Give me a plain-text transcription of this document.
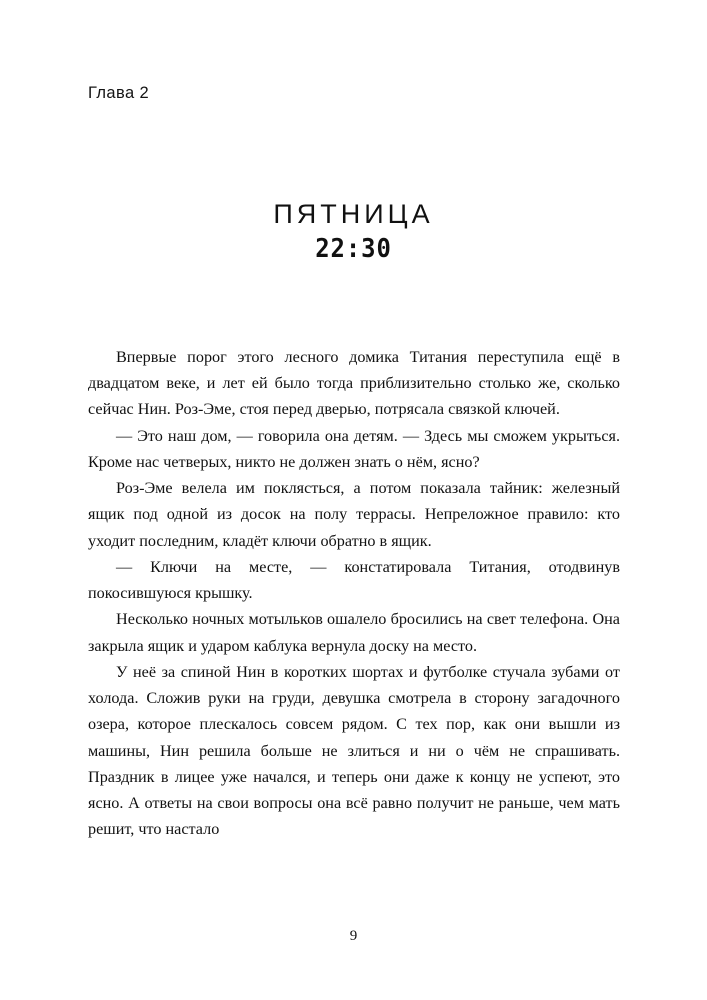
Глава 2
ПЯТНИЦА
22:30

Впервые порог этого лесного домика Титания переступила ещё в двадцатом веке, и лет ей было тогда приблизительно столько же, сколько сейчас Нин. Роз-Эме, стоя перед дверью, потрясала связкой ключей.

— Это наш дом, — говорила она детям. — Здесь мы сможем укрыться. Кроме нас четверых, никто не должен знать о нём, ясно?

Роз-Эме велела им поклясться, а потом показала тайник: железный ящик под одной из досок на полу террасы. Непреложное правило: кто уходит последним, кладёт ключи обратно в ящик.

— Ключи на месте, — констатировала Титания, отодвинув покосившуюся крышку.

Несколько ночных мотыльков ошалело бросились на свет телефона. Она закрыла ящик и ударом каблука вернула доску на место.

У неё за спиной Нин в коротких шортах и футболке стучала зубами от холода. Сложив руки на груди, девушка смотрела в сторону загадочного озера, которое плескалось совсем рядом. С тех пор, как они вышли из машины, Нин решила больше не злиться и ни о чём не спрашивать. Праздник в лицее уже начался, и теперь они даже к концу не успеют, это ясно. А ответы на свои вопросы она всё равно получит не раньше, чем мать решит, что настало

9
